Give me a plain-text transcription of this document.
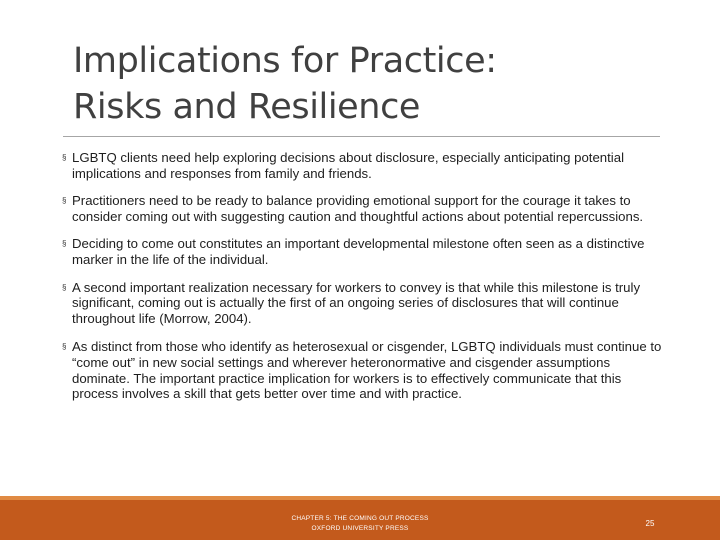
Implications for Practice:
Risks and Resilience
§ LGBTQ clients need help exploring decisions about disclosure, especially anticipating potential implications and responses from family and friends.
§ Practitioners need to be ready to balance providing emotional support for the courage it takes to consider coming out with suggesting caution and thoughtful actions about potential repercussions.
§ Deciding to come out constitutes an important developmental milestone often seen as a distinctive marker in the life of the individual.
§ A second important realization necessary for workers to convey is that while this milestone is truly significant, coming out is actually the first of an ongoing series of disclosures that will continue throughout life (Morrow, 2004).
§ As distinct from those who identify as heterosexual or cisgender, LGBTQ individuals must continue to “come out” in new social settings and wherever heteronormative and cisgender assumptions dominate. The important practice implication for workers is to effectively communicate that this process involves a skill that gets better over time and with practice.
CHAPTER 5: THE COMING OUT PROCESS
OXFORD UNIVERSITY PRESS
25
